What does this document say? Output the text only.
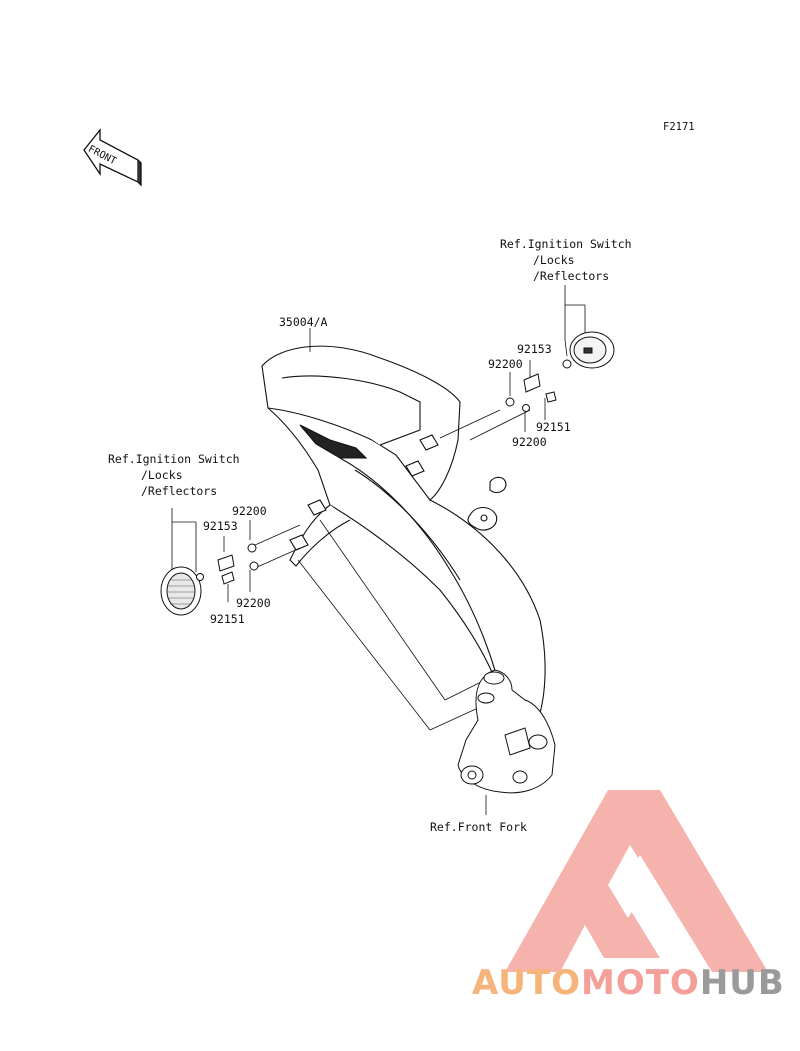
FRONT
F2171
35004/A
Ref.Ignition Switch
/Locks
/Reflectors
92153
92200
92151
92200
Ref.Ignition Switch
/Locks
/Reflectors
92200
92153
92200
92151
Ref.Front Fork
AUTOMOTOHUB
